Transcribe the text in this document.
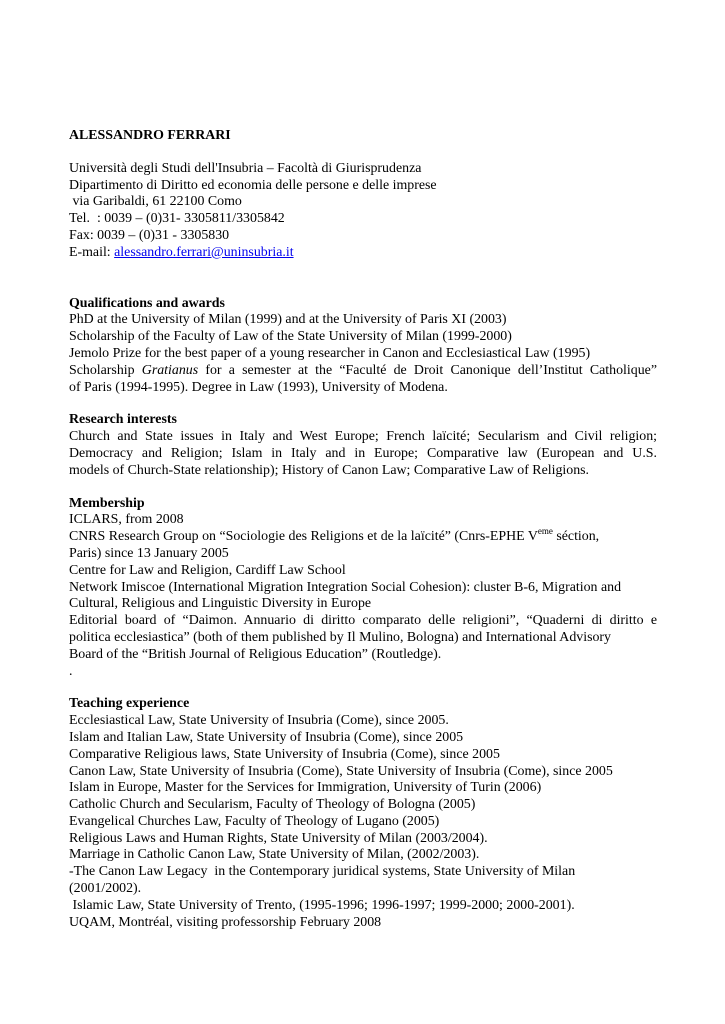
ALESSANDRO FERRARI
Università degli Studi dell'Insubria – Facoltà di Giurisprudenza
Dipartimento di Diritto ed economia delle persone e delle imprese
via Garibaldi, 61 22100 Como
Tel.  : 0039 – (0)31- 3305811/3305842
Fax: 0039 – (0)31 - 3305830
E-mail: alessandro.ferrari@uninsubria.it
Qualifications and awards
PhD at the University of Milan (1999) and at the University of Paris XI (2003)
Scholarship of the Faculty of Law of the State University of Milan (1999-2000)
Jemolo Prize for the best paper of a young researcher in Canon and Ecclesiastical Law (1995)
Scholarship Gratianus for a semester at the “Faculté de Droit Canonique dell’Institut Catholique”
of Paris (1994-1995). Degree in Law (1993), University of Modena.
Research interests
Church and State issues in Italy and West Europe; French laïcité; Secularism and Civil religion;
Democracy and Religion; Islam in Italy and in Europe; Comparative law (European and U.S.
models of Church-State relationship); History of Canon Law; Comparative Law of Religions.
Membership
ICLARS, from 2008
CNRS Research Group on “Sociologie des Religions et de la laïcité” (Cnrs-EPHE Veme séction,
Paris) since 13 January 2005
Centre for Law and Religion, Cardiff Law School
Network Imiscoe (International Migration Integration Social Cohesion): cluster B-6, Migration and
Cultural, Religious and Linguistic Diversity in Europe
Editorial board of “Daimon. Annuario di diritto comparato delle religioni”, “Quaderni di diritto e
politica ecclesiastica” (both of them published by Il Mulino, Bologna) and International Advisory
Board of the “British Journal of Religious Education” (Routledge).
.
Teaching experience
Ecclesiastical Law, State University of Insubria (Come), since 2005.
Islam and Italian Law, State University of Insubria (Come), since 2005
Comparative Religious laws, State University of Insubria (Come), since 2005
Canon Law, State University of Insubria (Come), State University of Insubria (Come), since 2005
Islam in Europe, Master for the Services for Immigration, University of Turin (2006)
Catholic Church and Secularism, Faculty of Theology of Bologna (2005)
Evangelical Churches Law, Faculty of Theology of Lugano (2005)
Religious Laws and Human Rights, State University of Milan (2003/2004).
Marriage in Catholic Canon Law, State University of Milan, (2002/2003).
-The Canon Law Legacy  in the Contemporary juridical systems, State University of Milan
(2001/2002).
Islamic Law, State University of Trento, (1995-1996; 1996-1997; 1999-2000; 2000-2001).
UQAM, Montréal, visiting professorship February 2008
